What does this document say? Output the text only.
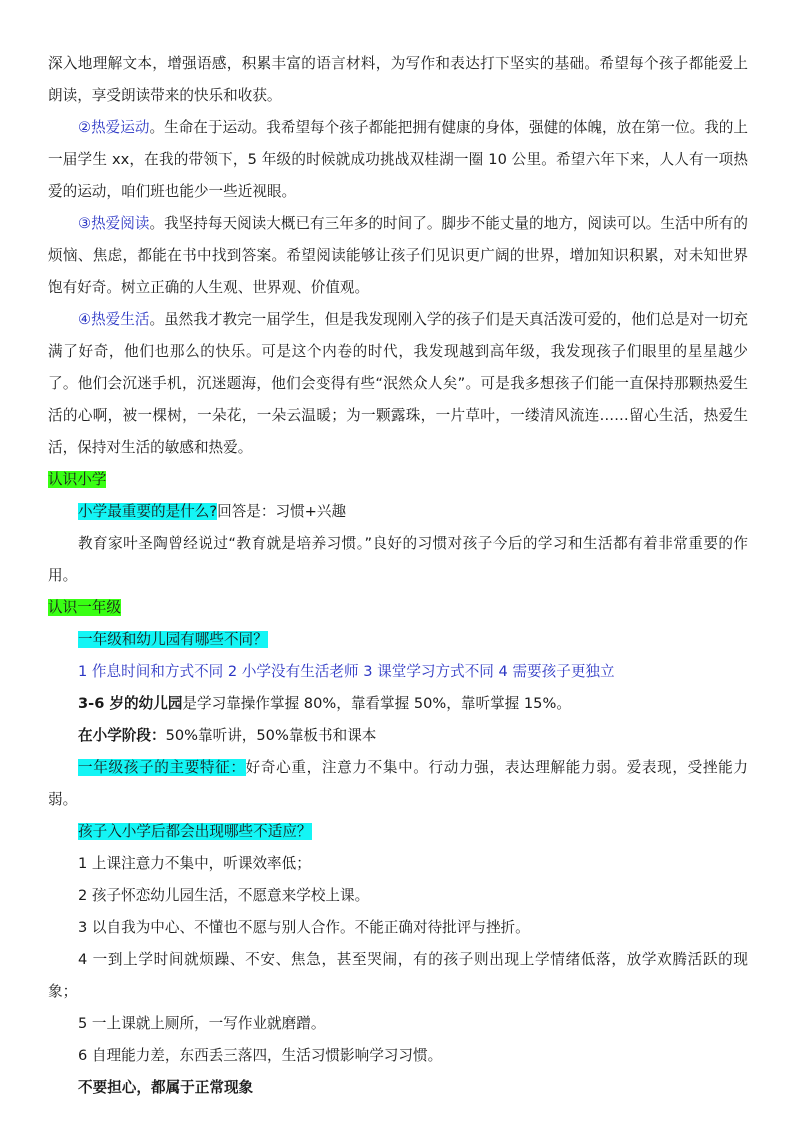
深入地理解文本，增强语感，积累丰富的语言材料，为写作和表达打下坚实的基础。希望每个孩子都能爱上朗读，享受朗读带来的快乐和收获。

②热爱运动。生命在于运动。我希望每个孩子都能把拥有健康的身体，强健的体魄，放在第一位。我的上一届学生 xx，在我的带领下，5 年级的时候就成功挑战双桂湖一圈 10 公里。希望六年下来，人人有一项热爱的运动，咱们班也能少一些近视眼。

③热爱阅读。我坚持每天阅读大概已有三年多的时间了。脚步不能丈量的地方，阅读可以。生活中所有的烦恼、焦虑，都能在书中找到答案。希望阅读能够让孩子们见识更广阔的世界，增加知识积累，对未知世界饱有好奇。树立正确的人生观、世界观、价值观。

④热爱生活。虽然我才教完一届学生，但是我发现刚入学的孩子们是天真活泼可爱的，他们总是对一切充满了好奇，他们也那么的快乐。可是这个内卷的时代，我发现越到高年级，我发现孩子们眼里的星星越少了。他们会沉迷手机，沉迷题海，他们会变得有些“泯然众人矣”。可是我多想孩子们能一直保持那颗热爱生活的心啊，被一棵树，一朵花，一朵云温暖；为一颗露珠，一片草叶，一缕清风流连……留心生活，热爱生活，保持对生活的敏感和热爱。

认识小学

小学最重要的是什么?回答是：习惯+兴趣

教育家叶圣陶曾经说过“教育就是培养习惯。”良好的习惯对孩子今后的学习和生活都有着非常重要的作用。

认识一年级

一年级和幼儿园有哪些不同？

1 作息时间和方式不同 2 小学没有生活老师 3 课堂学习方式不同 4 需要孩子更独立

3-6 岁的幼儿园是学习靠操作掌握 80%，靠看掌握 50%，靠听掌握 15%。

在小学阶段：50%靠听讲，50%靠板书和课本

一年级孩子的主要特征：好奇心重，注意力不集中。行动力强，表达理解能力弱。爱表现，受挫能力弱。

孩子入小学后都会出现哪些不适应？

1 上课注意力不集中，听课效率低；

2 孩子怀恋幼儿园生活，不愿意来学校上课。

3 以自我为中心、不懂也不愿与别人合作。不能正确对待批评与挫折。

4 一到上学时间就烦躁、不安、焦急，甚至哭闹，有的孩子则出现上学情绪低落，放学欢腾活跃的现象；

5 一上课就上厕所，一写作业就磨蹭。

6 自理能力差，东西丢三落四，生活习惯影响学习习惯。

不要担心，都属于正常现象
